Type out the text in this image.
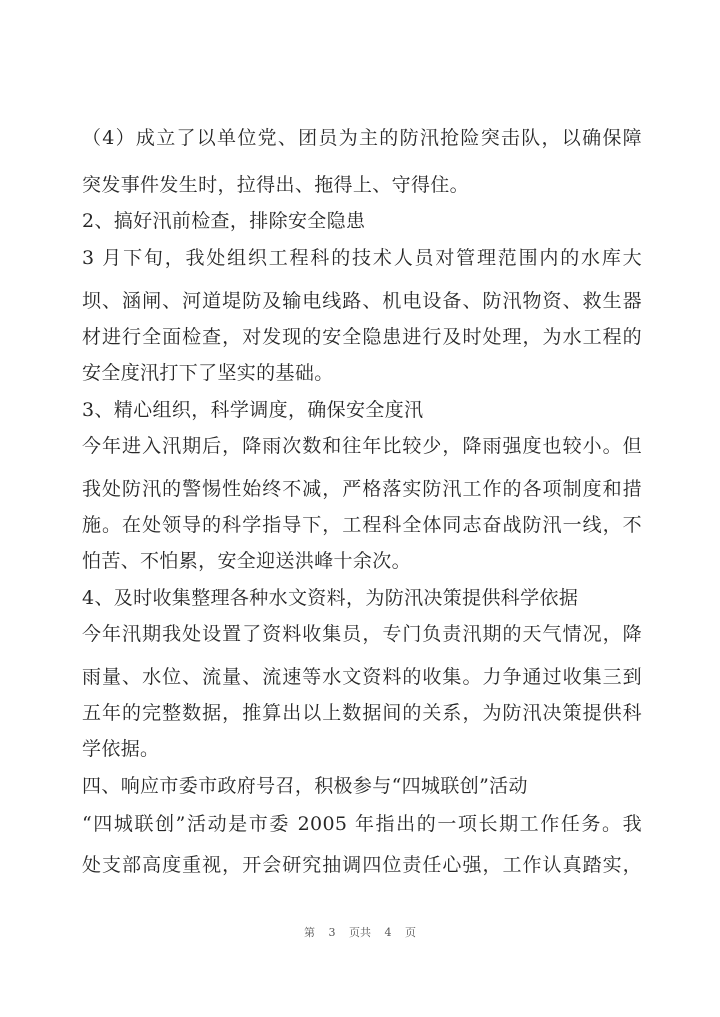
（4）成立了以单位党、团员为主的防汛抢险突击队，以确保障
突发事件发生时，拉得出、拖得上、守得住。
2、搞好汛前检查，排除安全隐患
3 月下旬，我处组织工程科的技术人员对管理范围内的水库大
坝、涵闸、河道堤防及输电线路、机电设备、防汛物资、救生器
材进行全面检查，对发现的安全隐患进行及时处理，为水工程的
安全度汛打下了坚实的基础。
3、精心组织，科学调度，确保安全度汛
今年进入汛期后，降雨次数和往年比较少，降雨强度也较小。但
我处防汛的警惕性始终不减，严格落实防汛工作的各项制度和措
施。在处领导的科学指导下，工程科全体同志奋战防汛一线，不
怕苦、不怕累，安全迎送洪峰十余次。
4、及时收集整理各种水文资料，为防汛决策提供科学依据
今年汛期我处设置了资料收集员，专门负责汛期的天气情况，降
雨量、水位、流量、流速等水文资料的收集。力争通过收集三到
五年的完整数据，推算出以上数据间的关系，为防汛决策提供科
学依据。
四、响应市委市政府号召，积极参与“四城联创”活动
“四城联创”活动是市委 2005 年指出的一项长期工作任务。我
处支部高度重视，开会研究抽调四位责任心强，工作认真踏实，
第 3 页共 4 页
